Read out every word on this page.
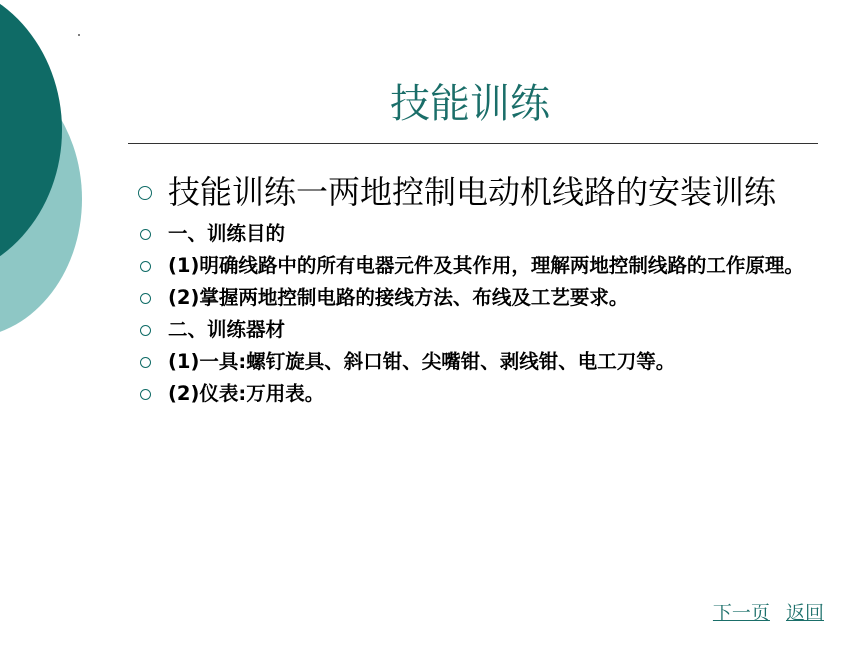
技能训练
技能训练一两地控制电动机线路的安装训练
一、训练目的
(1)明确线路中的所有电器元件及其作用，理解两地控制线路的工作原理。
(2)掌握两地控制电路的接线方法、布线及工艺要求。
二、训练器材
(1)一具:螺钉旋具、斜口钳、尖嘴钳、剥线钳、电工刀等。
(2)仪表:万用表。
下一页 返回
